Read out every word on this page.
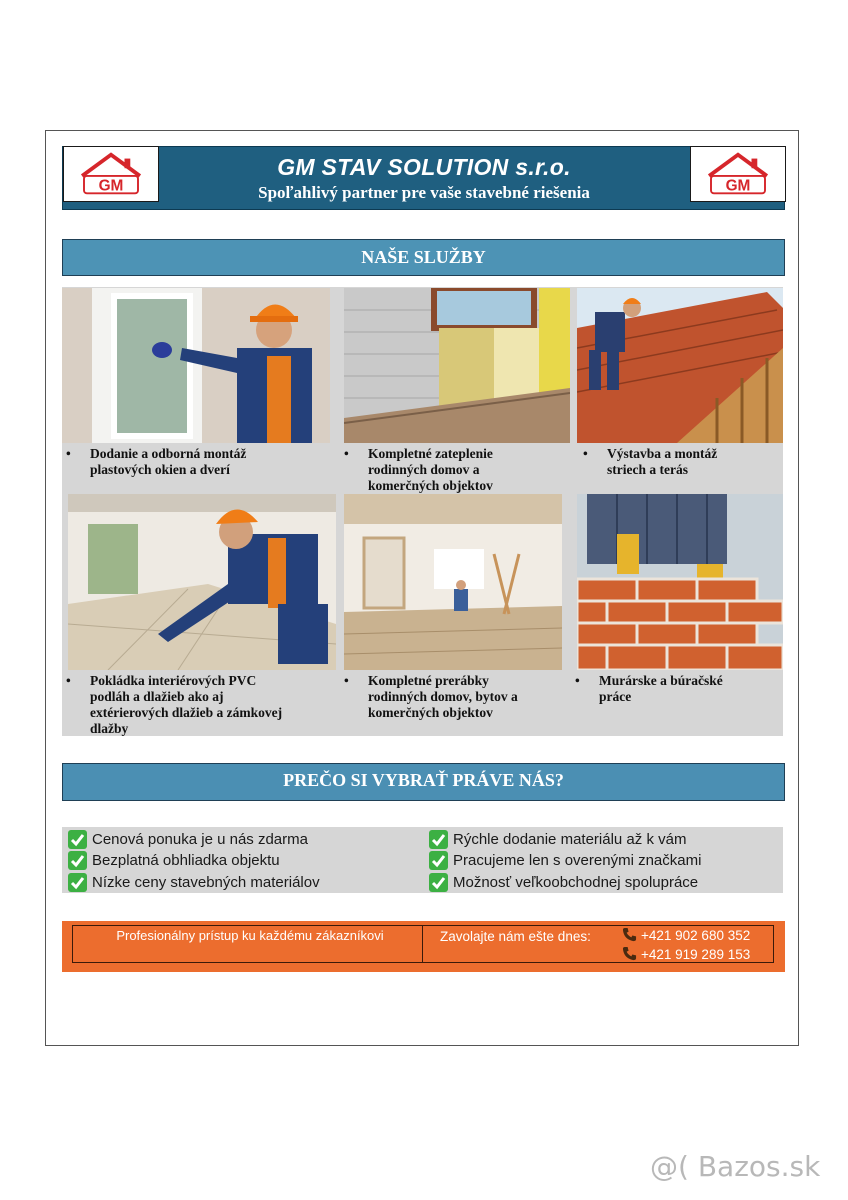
GM	GM
GM STAV SOLUTION s.r.o.
Spoľahlivý partner pre vaše stavebné riešenia
NAŠE SLUŽBY
• Dodanie a odborná montáž
plastových okien a dverí
• Kompletné zateplenie
rodinných domov a
komerčných objektov
• Výstavba a montáž
striech a terás
• Pokládka interiérových PVC
podláh a dlažieb ako aj
extérierových dlažieb a zámkovej
dlažby
• Kompletné prerábky
rodinných domov, bytov a
komerčných objektov
• Murárske a búračské
práce
PREČO SI VYBRAŤ PRÁVE NÁS?
Cenová ponuka je u nás zdarma
Bezplatná obhliadka objektu
Nízke ceny stavebných materiálov
Rýchle dodanie materiálu až k vám
Pracujeme len s overenými značkami
Možnosť veľkoobchodnej spolupráce
Profesionálny prístup ku každému zákazníkovi	Zavolajte nám ešte dnes:	+421 902 680 352
+421 919 289 153
@( Bazos.sk
